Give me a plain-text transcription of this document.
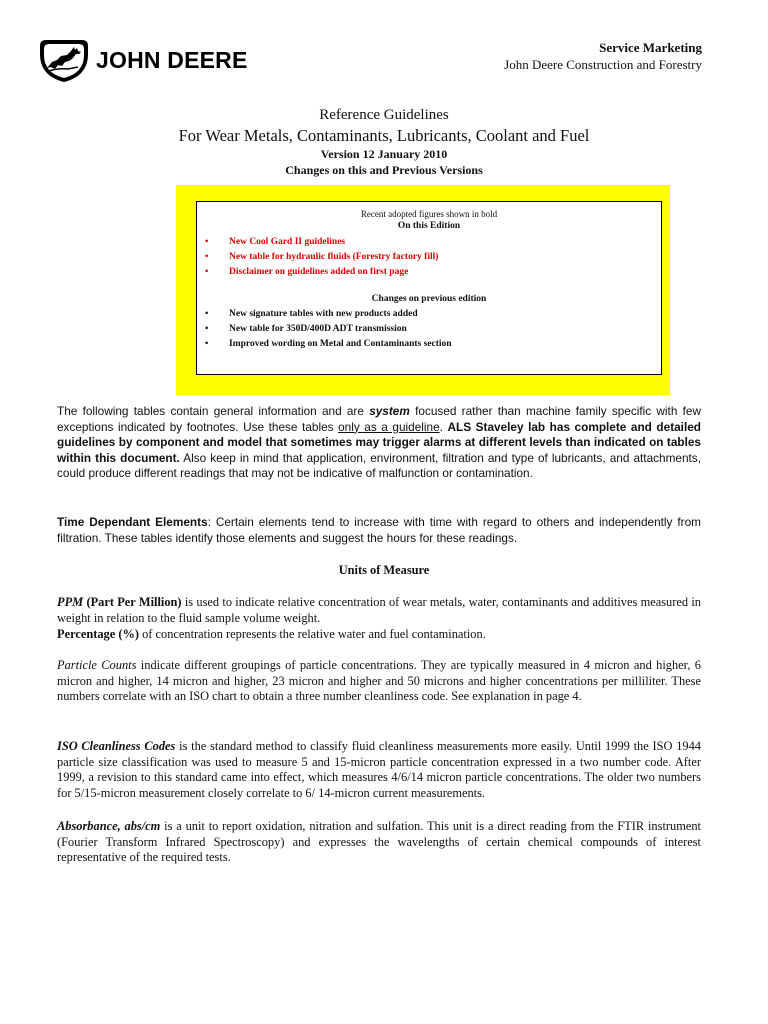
JOHN DEERE	Service Marketing
John Deere Construction and Forestry
Reference Guidelines
For Wear Metals, Contaminants, Lubricants, Coolant and Fuel
Version 12 January 2010
Changes on this and Previous Versions
Recent adopted figures shown in bold
On this Edition
• New Cool Gard II guidelines
• New table for hydraulic fluids (Forestry factory fill)
• Disclaimer on guidelines added on first page
Changes on previous edition
• New signature tables with new products added
• New table for 350D/400D ADT transmission
• Improved wording on Metal and Contaminants section

The following tables contain general information and are system focused rather than machine family specific with few exceptions indicated by footnotes. Use these tables only as a guideline. ALS Staveley lab has complete and detailed guidelines by component and model that sometimes may trigger alarms at different levels than indicated on tables within this document. Also keep in mind that application, environment, filtration and type of lubricants, and attachments, could produce different readings that may not be indicative of malfunction or contamination.

Time Dependant Elements: Certain elements tend to increase with time with regard to others and independently from filtration. These tables identify those elements and suggest the hours for these readings.

Units of Measure

PPM (Part Per Million) is used to indicate relative concentration of wear metals, water, contaminants and additives measured in weight in relation to the fluid sample volume weight.

Percentage (%) of concentration represents the relative water and fuel contamination.

Particle Counts indicate different groupings of particle concentrations. They are typically measured in 4 micron and higher, 6 micron and higher, 14 micron and higher, 23 micron and higher and 50 microns and higher concentrations per milliliter. These numbers correlate with an ISO chart to obtain a three number cleanliness code. See explanation in page 4.

ISO Cleanliness Codes is the standard method to classify fluid cleanliness measurements more easily. Until 1999 the ISO 1944 particle size classification was used to measure 5 and 15-micron particle concentration expressed in a two number code. After 1999, a revision to this standard came into effect, which measures 4/6/14 micron particle concentrations. The older two numbers for 5/15-micron measurement closely correlate to 6/ 14-micron current measurements.

Absorbance, abs/cm is a unit to report oxidation, nitration and sulfation. This unit is a direct reading from the FTIR instrument (Fourier Transform Infrared Spectroscopy) and expresses the wavelengths of certain chemical compounds of interest representative of the required tests.
